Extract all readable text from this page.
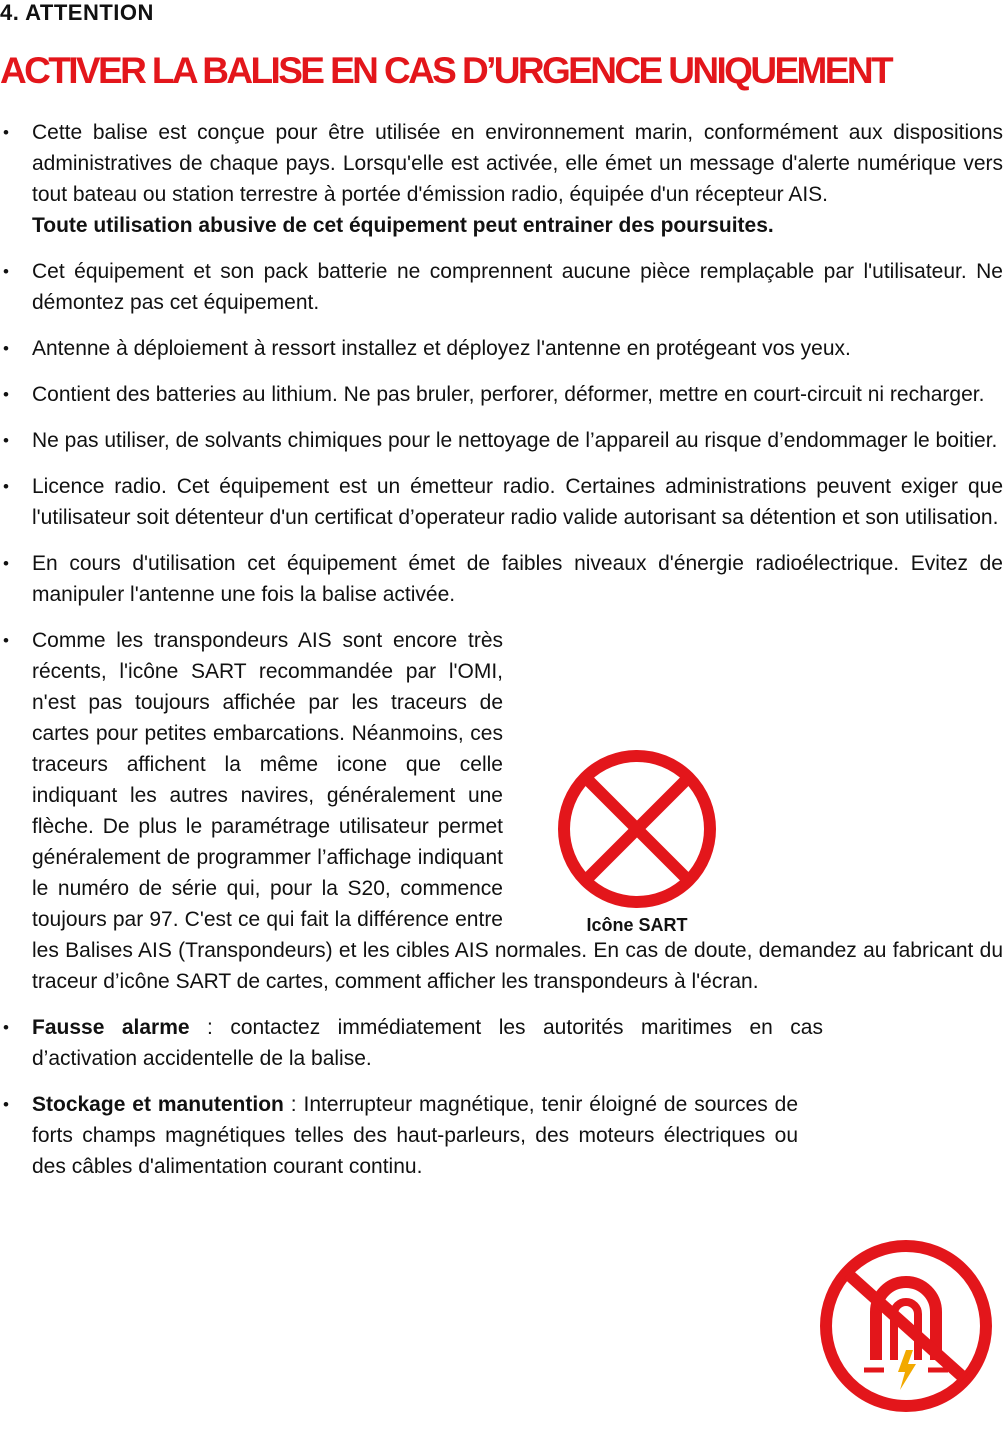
4. ATTENTION
ACTIVER LA BALISE EN CAS D’URGENCE UNIQUEMENT
• Cette balise est conçue pour être utilisée en environnement marin, conformément aux dispositions administratives de chaque pays. Lorsqu'elle est activée, elle émet un message d'alerte numérique vers tout bateau ou station terrestre à portée d'émission radio, équipée d'un récepteur AIS.

Toute utilisation abusive de cet équipement peut entrainer des poursuites.

• Cet équipement et son pack batterie ne comprennent aucune pièce remplaçable par l'utilisateur. Ne démontez pas cet équipement.

• Antenne à déploiement à ressort installez et déployez l'antenne en protégeant vos yeux.

• Contient des batteries au lithium. Ne pas bruler, perforer, déformer, mettre en court-circuit ni recharger.

• Ne pas utiliser, de solvants chimiques pour le nettoyage de l’appareil au risque d’endommager le boitier.

• Licence radio. Cet équipement est un émetteur radio. Certaines administrations peuvent exiger que l'utilisateur soit détenteur d'un certificat d’operateur radio valide autorisant sa détention et son utilisation.

• En cours d'utilisation cet équipement émet de faibles niveaux d'énergie radioélectrique. Evitez de manipuler l'antenne une fois la balise activée.

•

Icône SART
Comme les transpondeurs AIS sont encore très récents, l'icône SART recommandée par l'OMI, n'est pas toujours affichée par les traceurs de cartes pour petites embarcations. Néanmoins, ces traceurs affichent la même icone que celle indiquant les autres navires, généralement une flèche. De plus le paramétrage utilisateur permet généralement de programmer l’affichage indiquant le numéro de série qui, pour la S20, commence toujours par 97. C'est ce qui fait la différence entre les Balises AIS (Transpondeurs) et les cibles AIS normales. En cas de doute, demandez au fabricant du traceur d’icône SART de cartes, comment afficher les transpondeurs à l'écran.

• Fausse alarme : contactez immédiatement les autorités maritimes en cas d’activation accidentelle de la balise.

• Stockage et manutention : Interrupteur magnétique, tenir éloigné de sources de forts champs magnétiques telles des haut-parleurs, des moteurs électriques ou des câbles d'alimentation courant continu.
